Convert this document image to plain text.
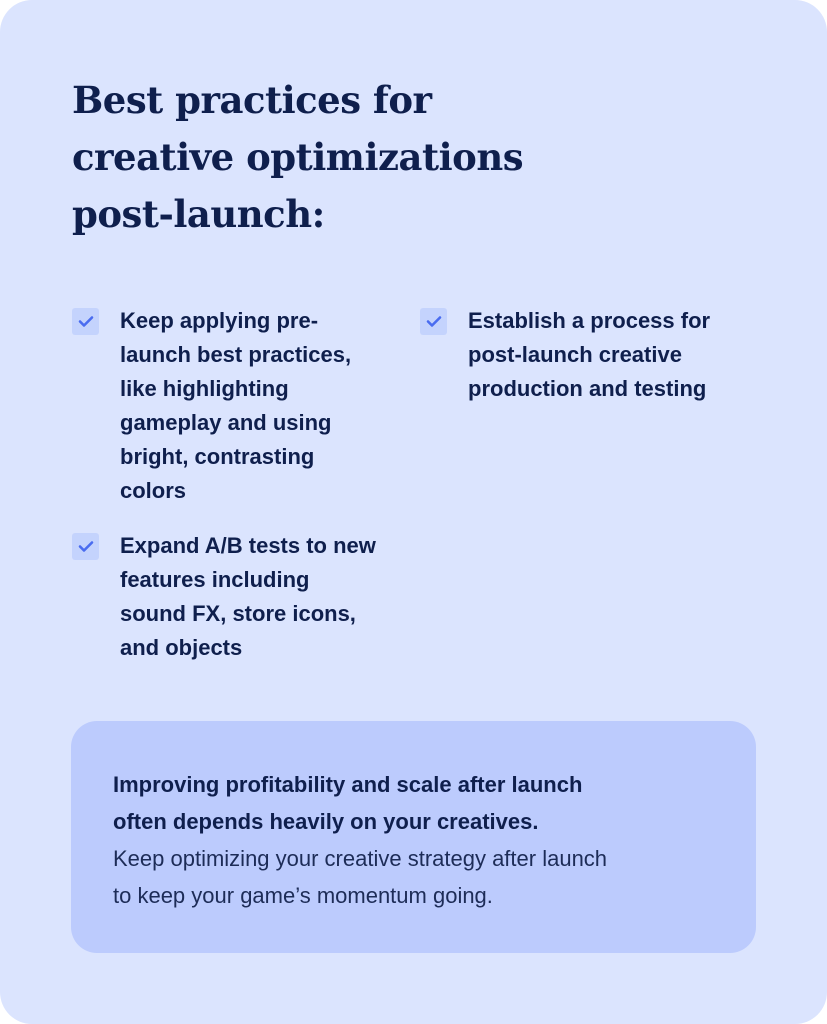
Best practices for
creative optimizations
post-launch:
Keep applying pre-
launch best practices,
like highlighting
gameplay and using
bright, contrasting
colors
Establish a process for
post-launch creative
production and testing
Expand A/B tests to new
features including
sound FX, store icons,
and objects

Improving profitability and scale after launch
often depends heavily on your creatives.

Keep optimizing your creative strategy after launch
to keep your game’s momentum going.
